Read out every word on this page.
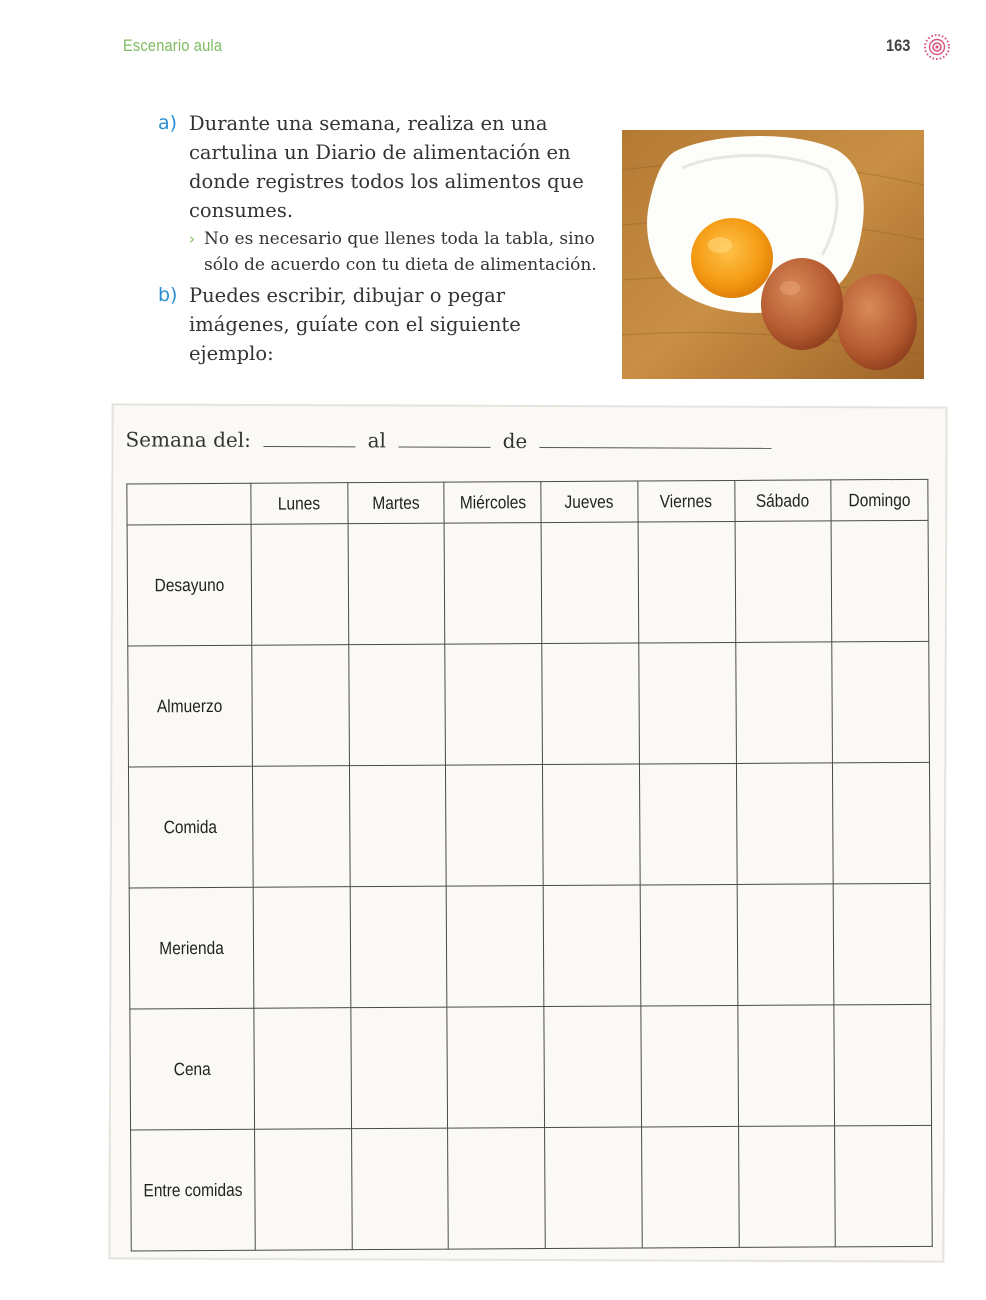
Escenario aula	163
a) Durante una semana, realiza en una cartulina un Diario de alimentación en donde registres todos los alimentos que consumes.
› No es necesario que llenes toda la tabla, sino sólo de acuerdo con tu dieta de alimentación.
b) Puedes escribir, dibujar o pegar imágenes, guíate con el siguiente ejemplo:
Semana del:	al	de
	Lunes	Martes	Miércoles	Jueves	Viernes	Sábado	Domingo
Desayuno							
Almuerzo							
Comida							
Merienda							
Cena							
Entre comidas							
